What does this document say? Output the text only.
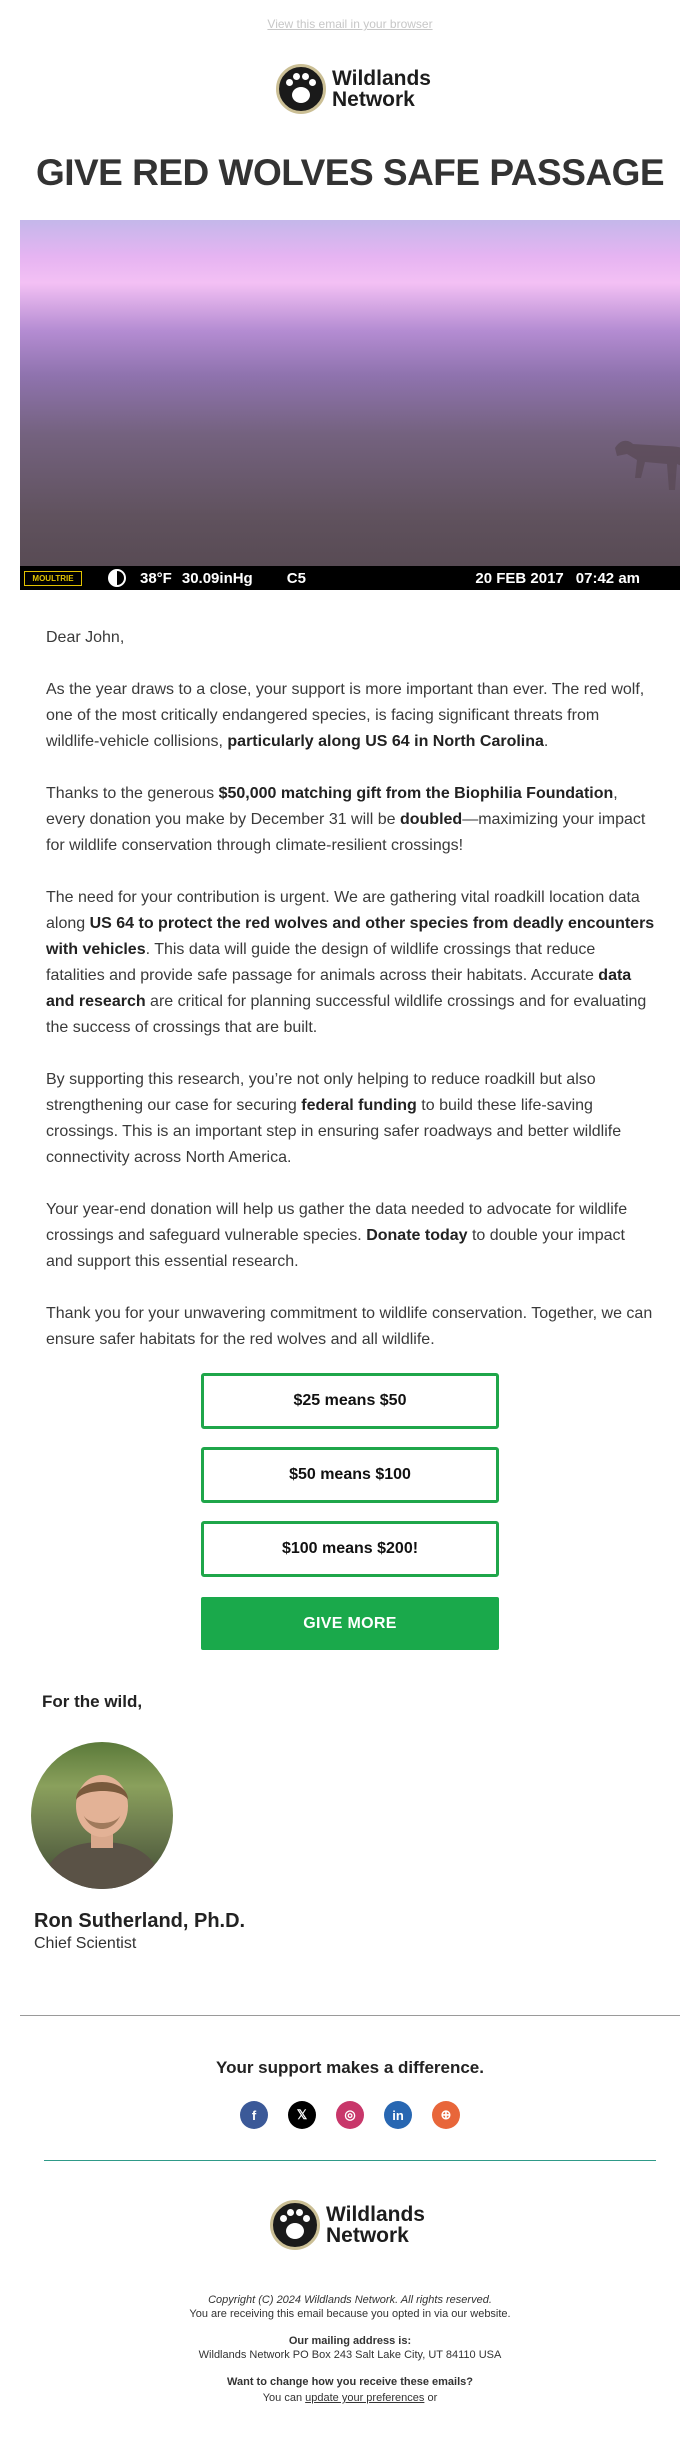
View this email in your browser
Wildlands
Network
GIVE RED WOLVES SAFE PASSAGE
MOULTRIE	38°F 30.09inHg C5	20 FEB 2017 07:42 am

Dear John,

As the year draws to a close, your support is more important than ever. The red wolf, one of the most critically endangered species, is facing significant threats from wildlife-vehicle collisions, particularly along US 64 in North Carolina.

Thanks to the generous $50,000 matching gift from the Biophilia Foundation, every donation you make by December 31 will be doubled—maximizing your impact for wildlife conservation through climate-resilient crossings!

The need for your contribution is urgent. We are gathering vital roadkill location data along US 64 to protect the red wolves and other species from deadly encounters with vehicles. This data will guide the design of wildlife crossings that reduce fatalities and provide safe passage for animals across their habitats. Accurate data and research are critical for planning successful wildlife crossings and for evaluating the success of crossings that are built.

By supporting this research, you’re not only helping to reduce roadkill but also strengthening our case for securing federal funding to build these life-saving crossings. This is an important step in ensuring safer roadways and better wildlife connectivity across North America.

Your year-end donation will help us gather the data needed to advocate for wildlife crossings and safeguard vulnerable species. Donate today to double your impact and support this essential research.

Thank you for your unwavering commitment to wildlife conservation. Together, we can ensure safer habitats for the red wolves and all wildlife.

$25 means $50
$50 means $100
$100 means $200!
GIVE MORE
For the wild,
Ron Sutherland, Ph.D.
Chief Scientist
Your support makes a difference.
f	𝕏	◎	in	⊕
Wildlands
Network
Copyright (C) 2024 Wildlands Network. All rights reserved.
You are receiving this email because you opted in via our website.
Our mailing address is:
Wildlands Network PO Box 243 Salt Lake City, UT 84110 USA
Want to change how you receive these emails?
You can update your preferences or
